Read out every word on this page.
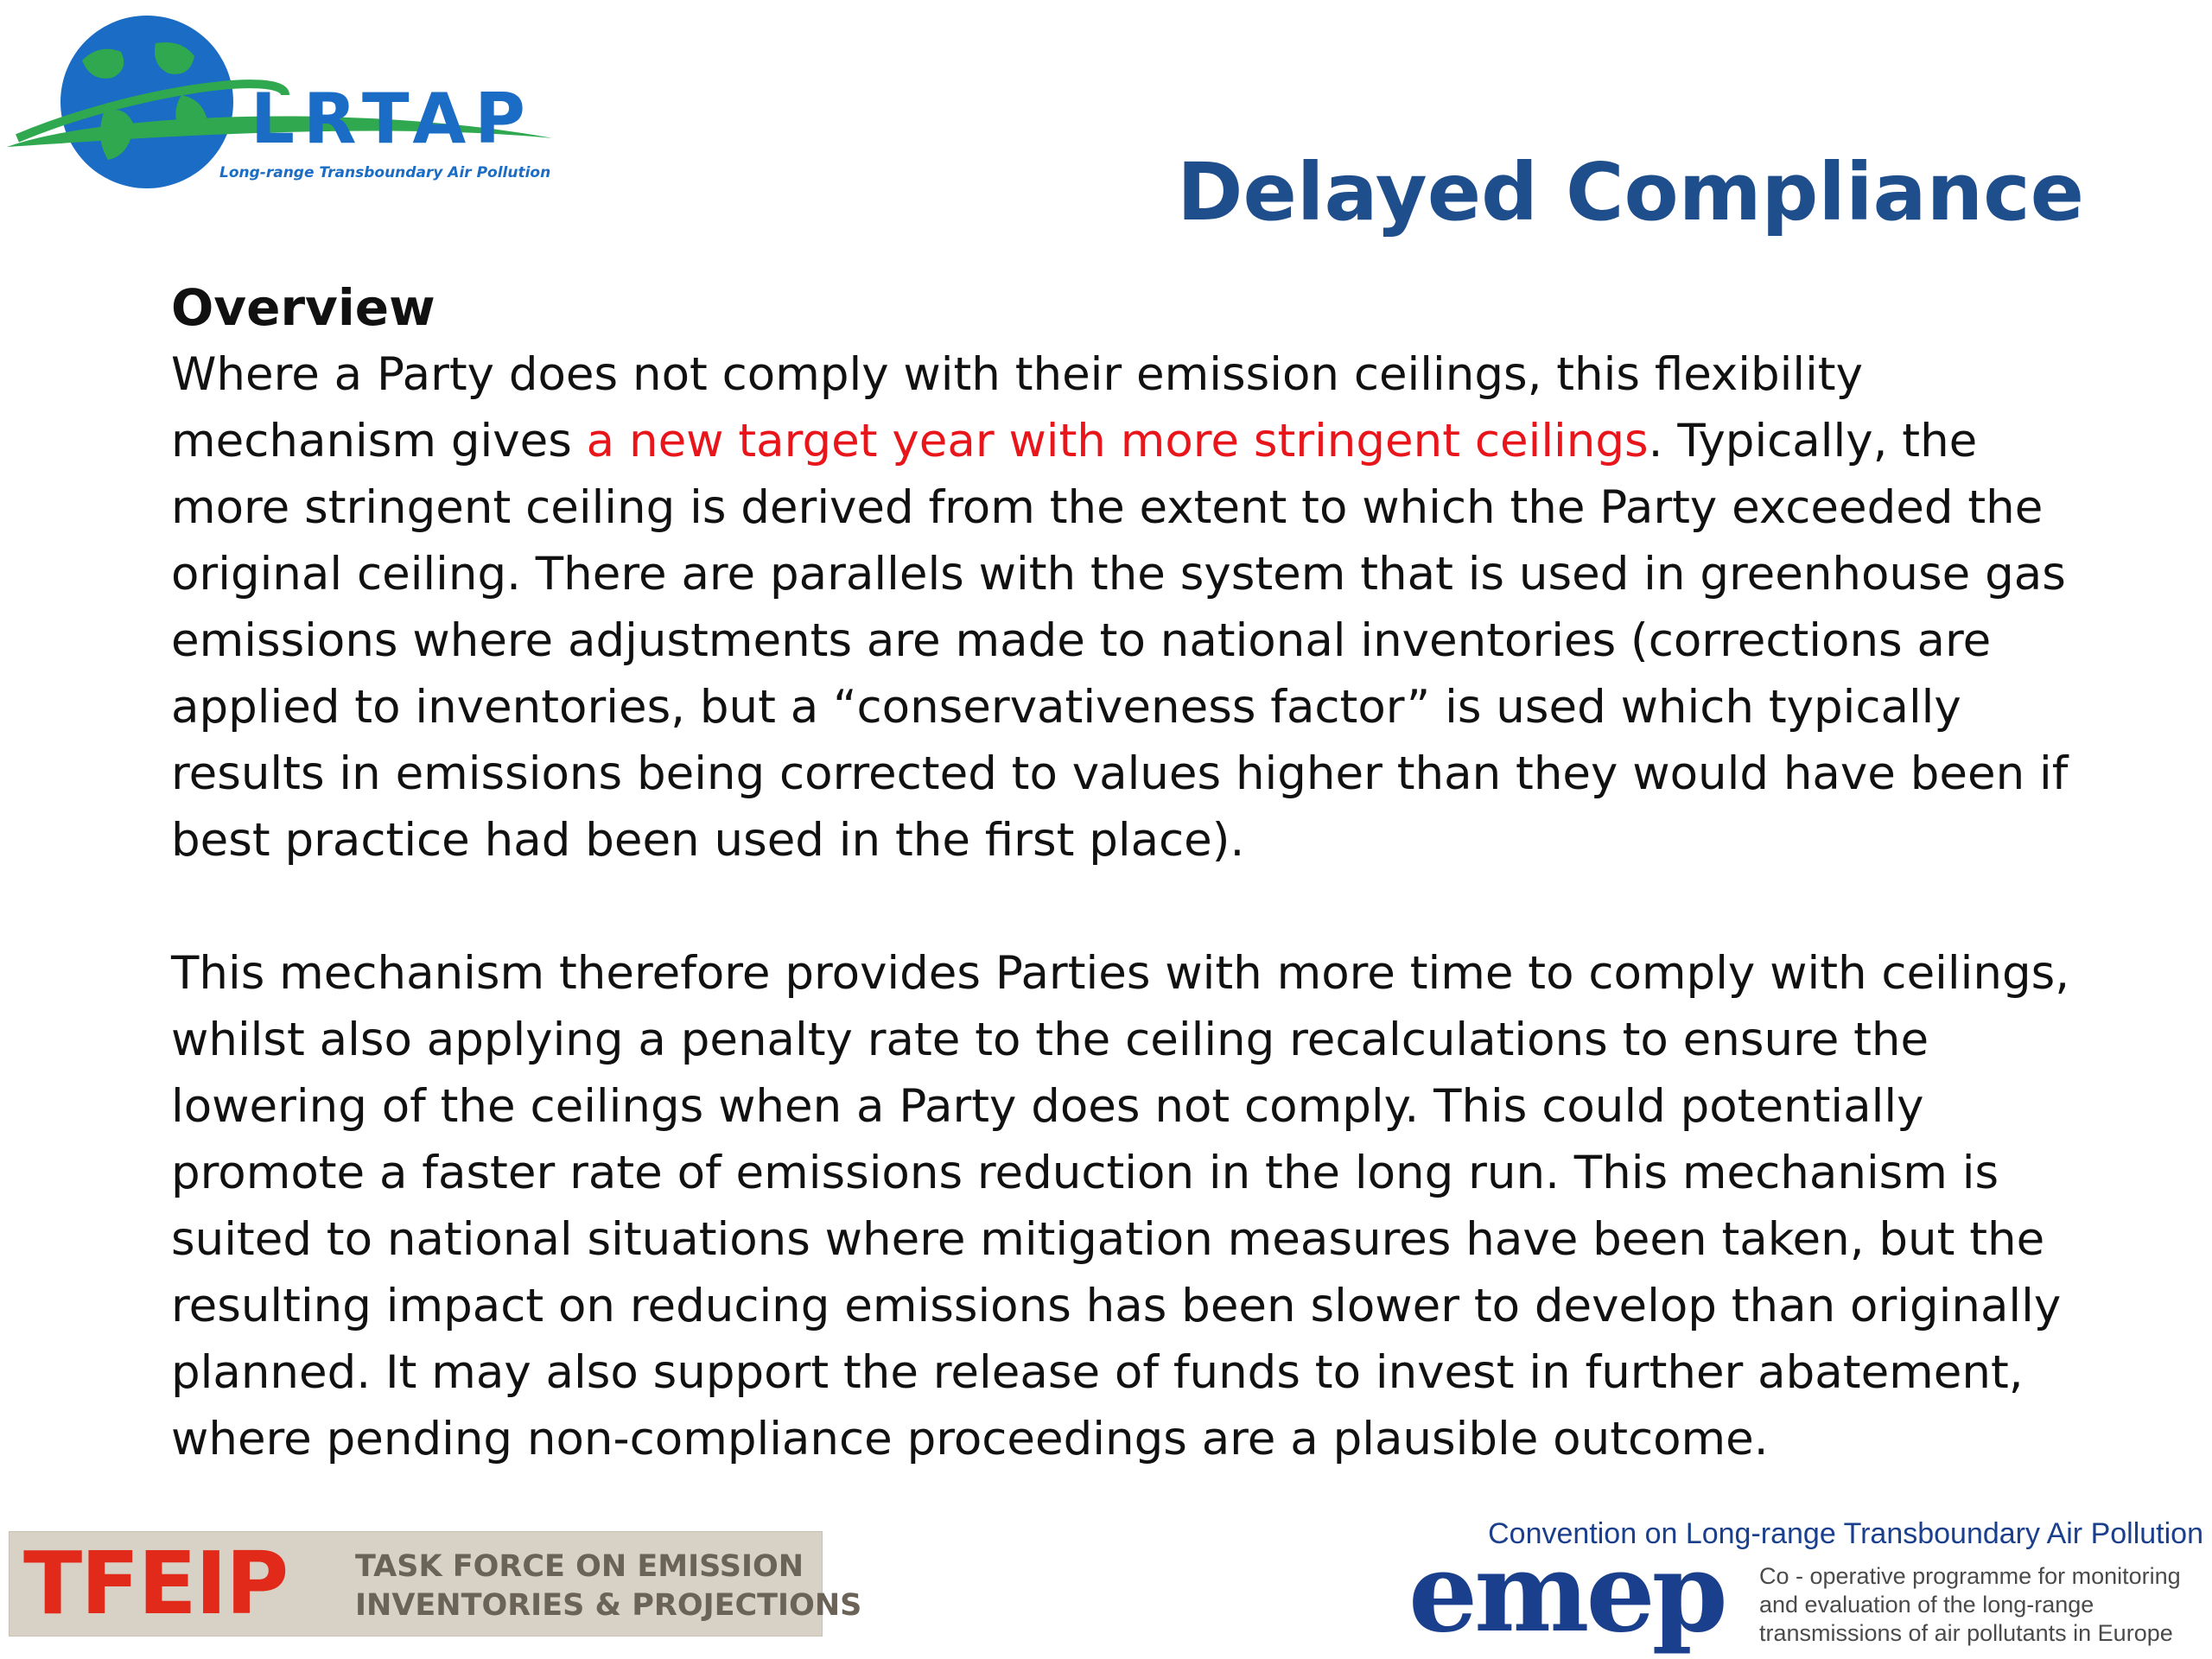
LRTAP
Long-range Transboundary Air Pollution	Delayed Compliance
Overview

Where a Party does not comply with their emission ceilings, this flexibility mechanism gives a new target year with more stringent ceilings. Typically, the more stringent ceiling is derived from the extent to which the Party exceeded the original ceiling. There are parallels with the system that is used in greenhouse gas emissions where adjustments are made to national inventories (corrections are applied to inventories, but a “conservativeness factor” is used which typically results in emissions being corrected to values higher than they would have been if best practice had been used in the first place).

This mechanism therefore provides Parties with more time to comply with ceilings, whilst also applying a penalty rate to the ceiling recalculations to ensure the lowering of the ceilings when a Party does not comply. This could potentially promote a faster rate of emissions reduction in the long run. This mechanism is suited to national situations where mitigation measures have been taken, but the resulting impact on reducing emissions has been slower to develop than originally planned. It may also support the release of funds to invest in further abatement, where pending non-compliance proceedings are a plausible outcome.

TFEIP TASK FORCE ON EMISSION
INVENTORIES & PROJECTIONS
Convention on Long-range Transboundary Air Pollution
emep Co - operative programme for monitoring
and evaluation of the long-range
transmissions of air pollutants in Europe
